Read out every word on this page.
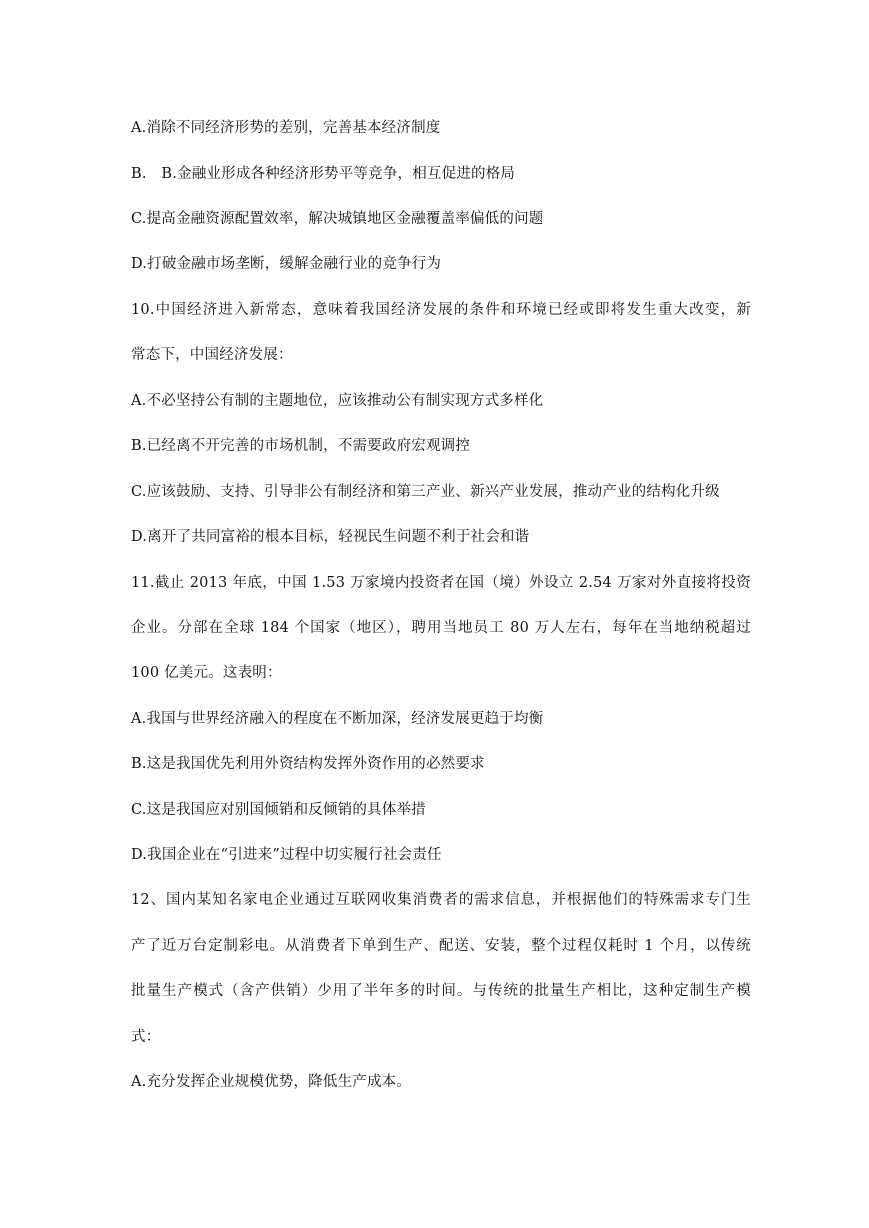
A.消除不同经济形势的差别，完善基本经济制度
B.　B.金融业形成各种经济形势平等竞争，相互促进的格局
C.提高金融资源配置效率，解决城镇地区金融覆盖率偏低的问题
D.打破金融市场垄断，缓解金融行业的竞争行为
10.中国经济进入新常态，意味着我国经济发展的条件和环境已经或即将发生重大改变，新
常态下，中国经济发展：
A.不必坚持公有制的主题地位，应该推动公有制实现方式多样化
B.已经离不开完善的市场机制，不需要政府宏观调控
C.应该鼓励、支持、引导非公有制经济和第三产业、新兴产业发展，推动产业的结构化升级
D.离开了共同富裕的根本目标，轻视民生问题不利于社会和谐
11.截止 2013 年底，中国 1.53 万家境内投资者在国（境）外设立 2.54 万家对外直接将投资
企业。分部在全球 184 个国家（地区），聘用当地员工 80 万人左右，每年在当地纳税超过
100 亿美元。这表明：
A.我国与世界经济融入的程度在不断加深，经济发展更趋于均衡
B.这是我国优先利用外资结构发挥外资作用的必然要求
C.这是我国应对别国倾销和反倾销的具体举措
D.我国企业在“引进来”过程中切实履行社会责任
12、国内某知名家电企业通过互联网收集消费者的需求信息，并根据他们的特殊需求专门生
产了近万台定制彩电。从消费者下单到生产、配送、安装，整个过程仅耗时 1 个月，以传统
批量生产模式（含产供销）少用了半年多的时间。与传统的批量生产相比，这种定制生产模
式：
A.充分发挥企业规模优势，降低生产成本。
